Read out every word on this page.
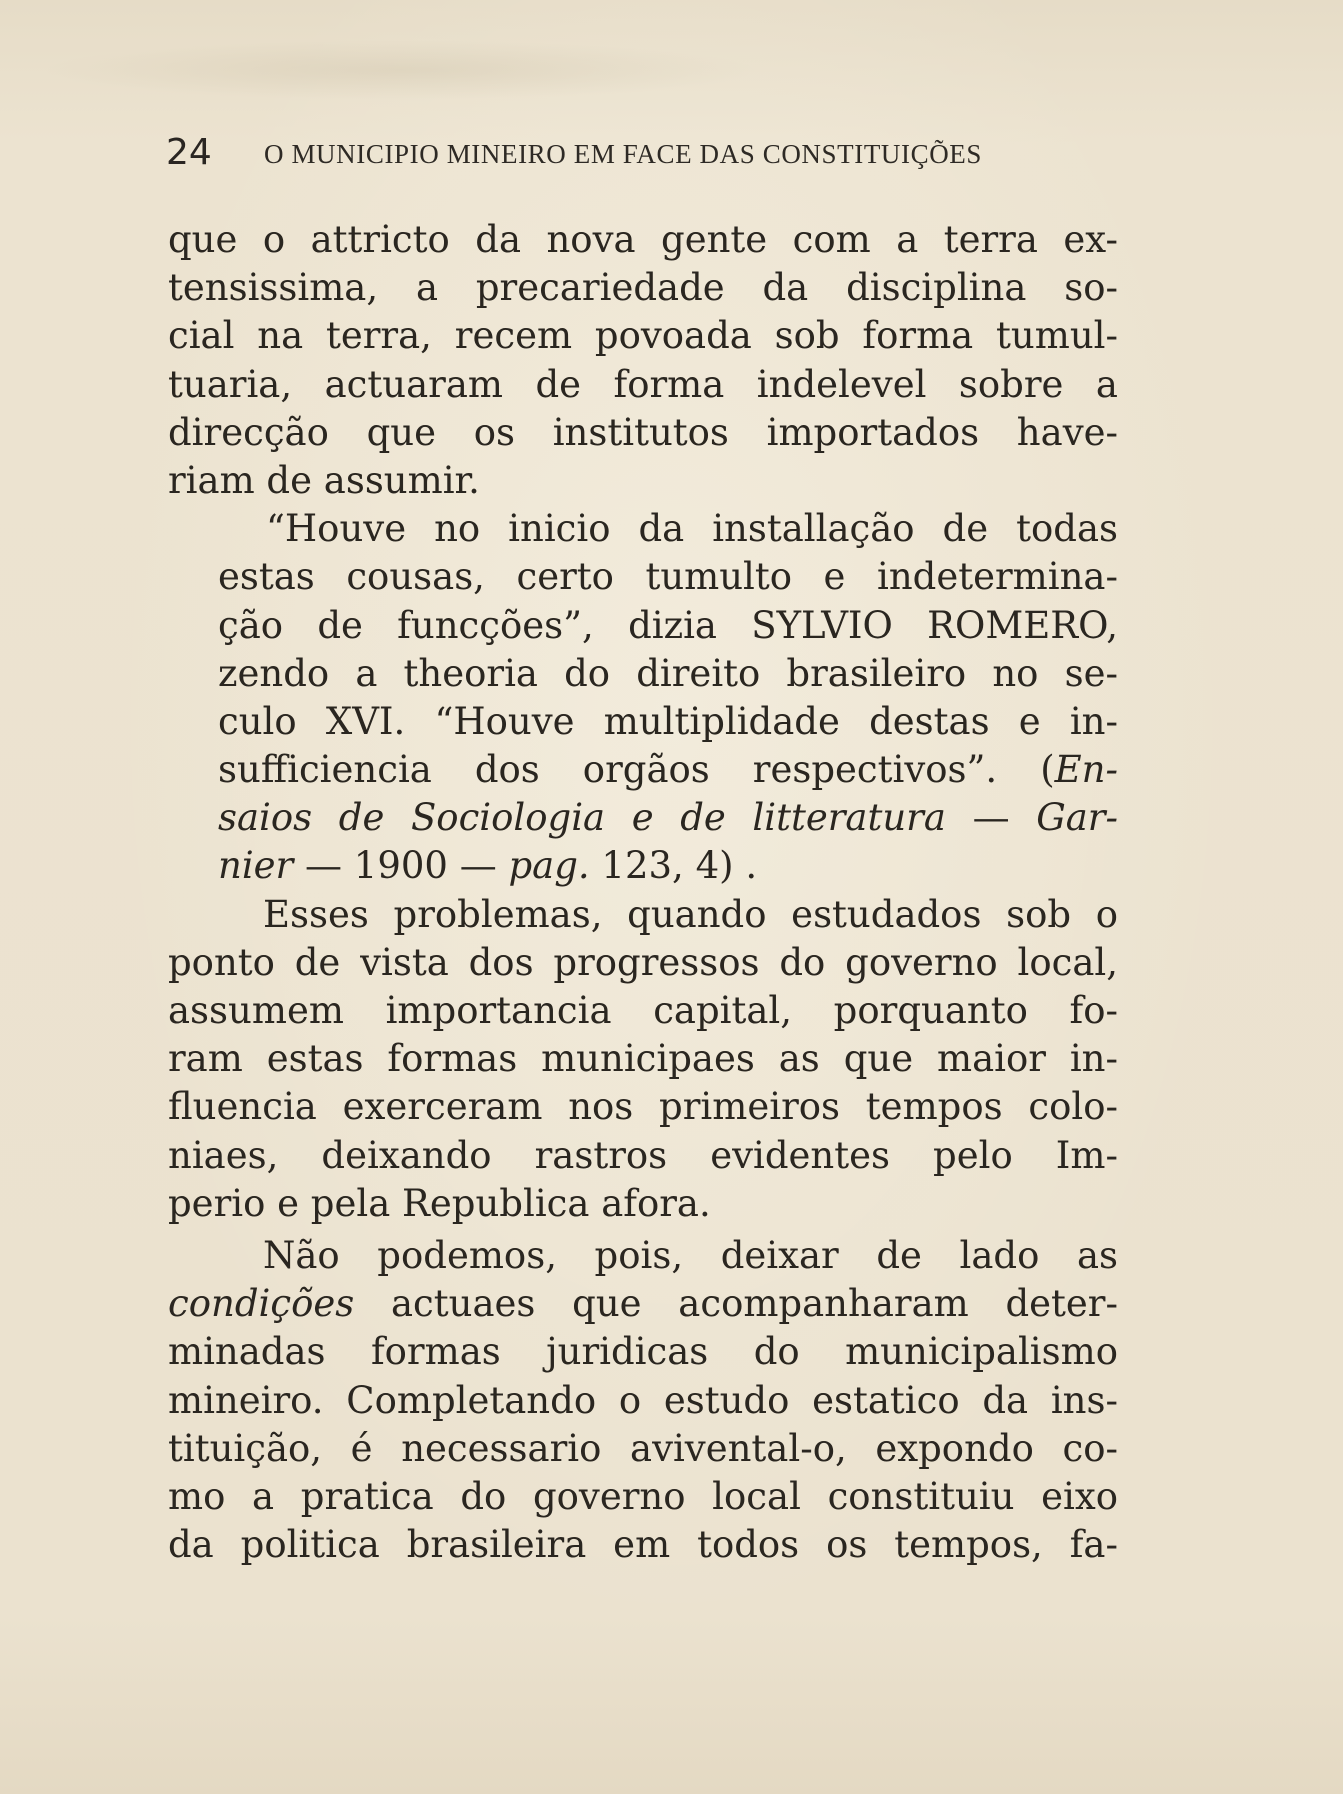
24 O MUNICIPIO MINEIRO EM FACE DAS CONSTITUIÇÕES
que o attricto da nova gente com a terra ex-
tensissima, a precariedade da disciplina so-
cial na terra, recem povoada sob forma tumul-
tuaria, actuaram de forma indelevel sobre a
direcção que os institutos importados have-
riam de assumir.
“Houve no inicio da installação de todas
estas cousas, certo tumulto e indetermina-
ção de funcções”, dizia SYLVIO ROMERO,
zendo a theoria do direito brasileiro no se-
culo XVI. “Houve multiplidade destas e in-
sufficiencia dos orgãos respectivos”. (En-
saios de Sociologia e de litteratura — Gar-
nier — 1900 — pag. 123, 4) .
Esses problemas, quando estudados sob o
ponto de vista dos progressos do governo local,
assumem importancia capital, porquanto fo-
ram estas formas municipaes as que maior in-
fluencia exerceram nos primeiros tempos colo-
niaes, deixando rastros evidentes pelo Im-
perio e pela Republica afora.
Não podemos, pois, deixar de lado as
condições actuaes que acompanharam deter-
minadas formas juridicas do municipalismo
mineiro. Completando o estudo estatico da ins-
tituição, é necessario avivental-o, expondo co-
mo a pratica do governo local constituiu eixo
da politica brasileira em todos os tempos, fa-
